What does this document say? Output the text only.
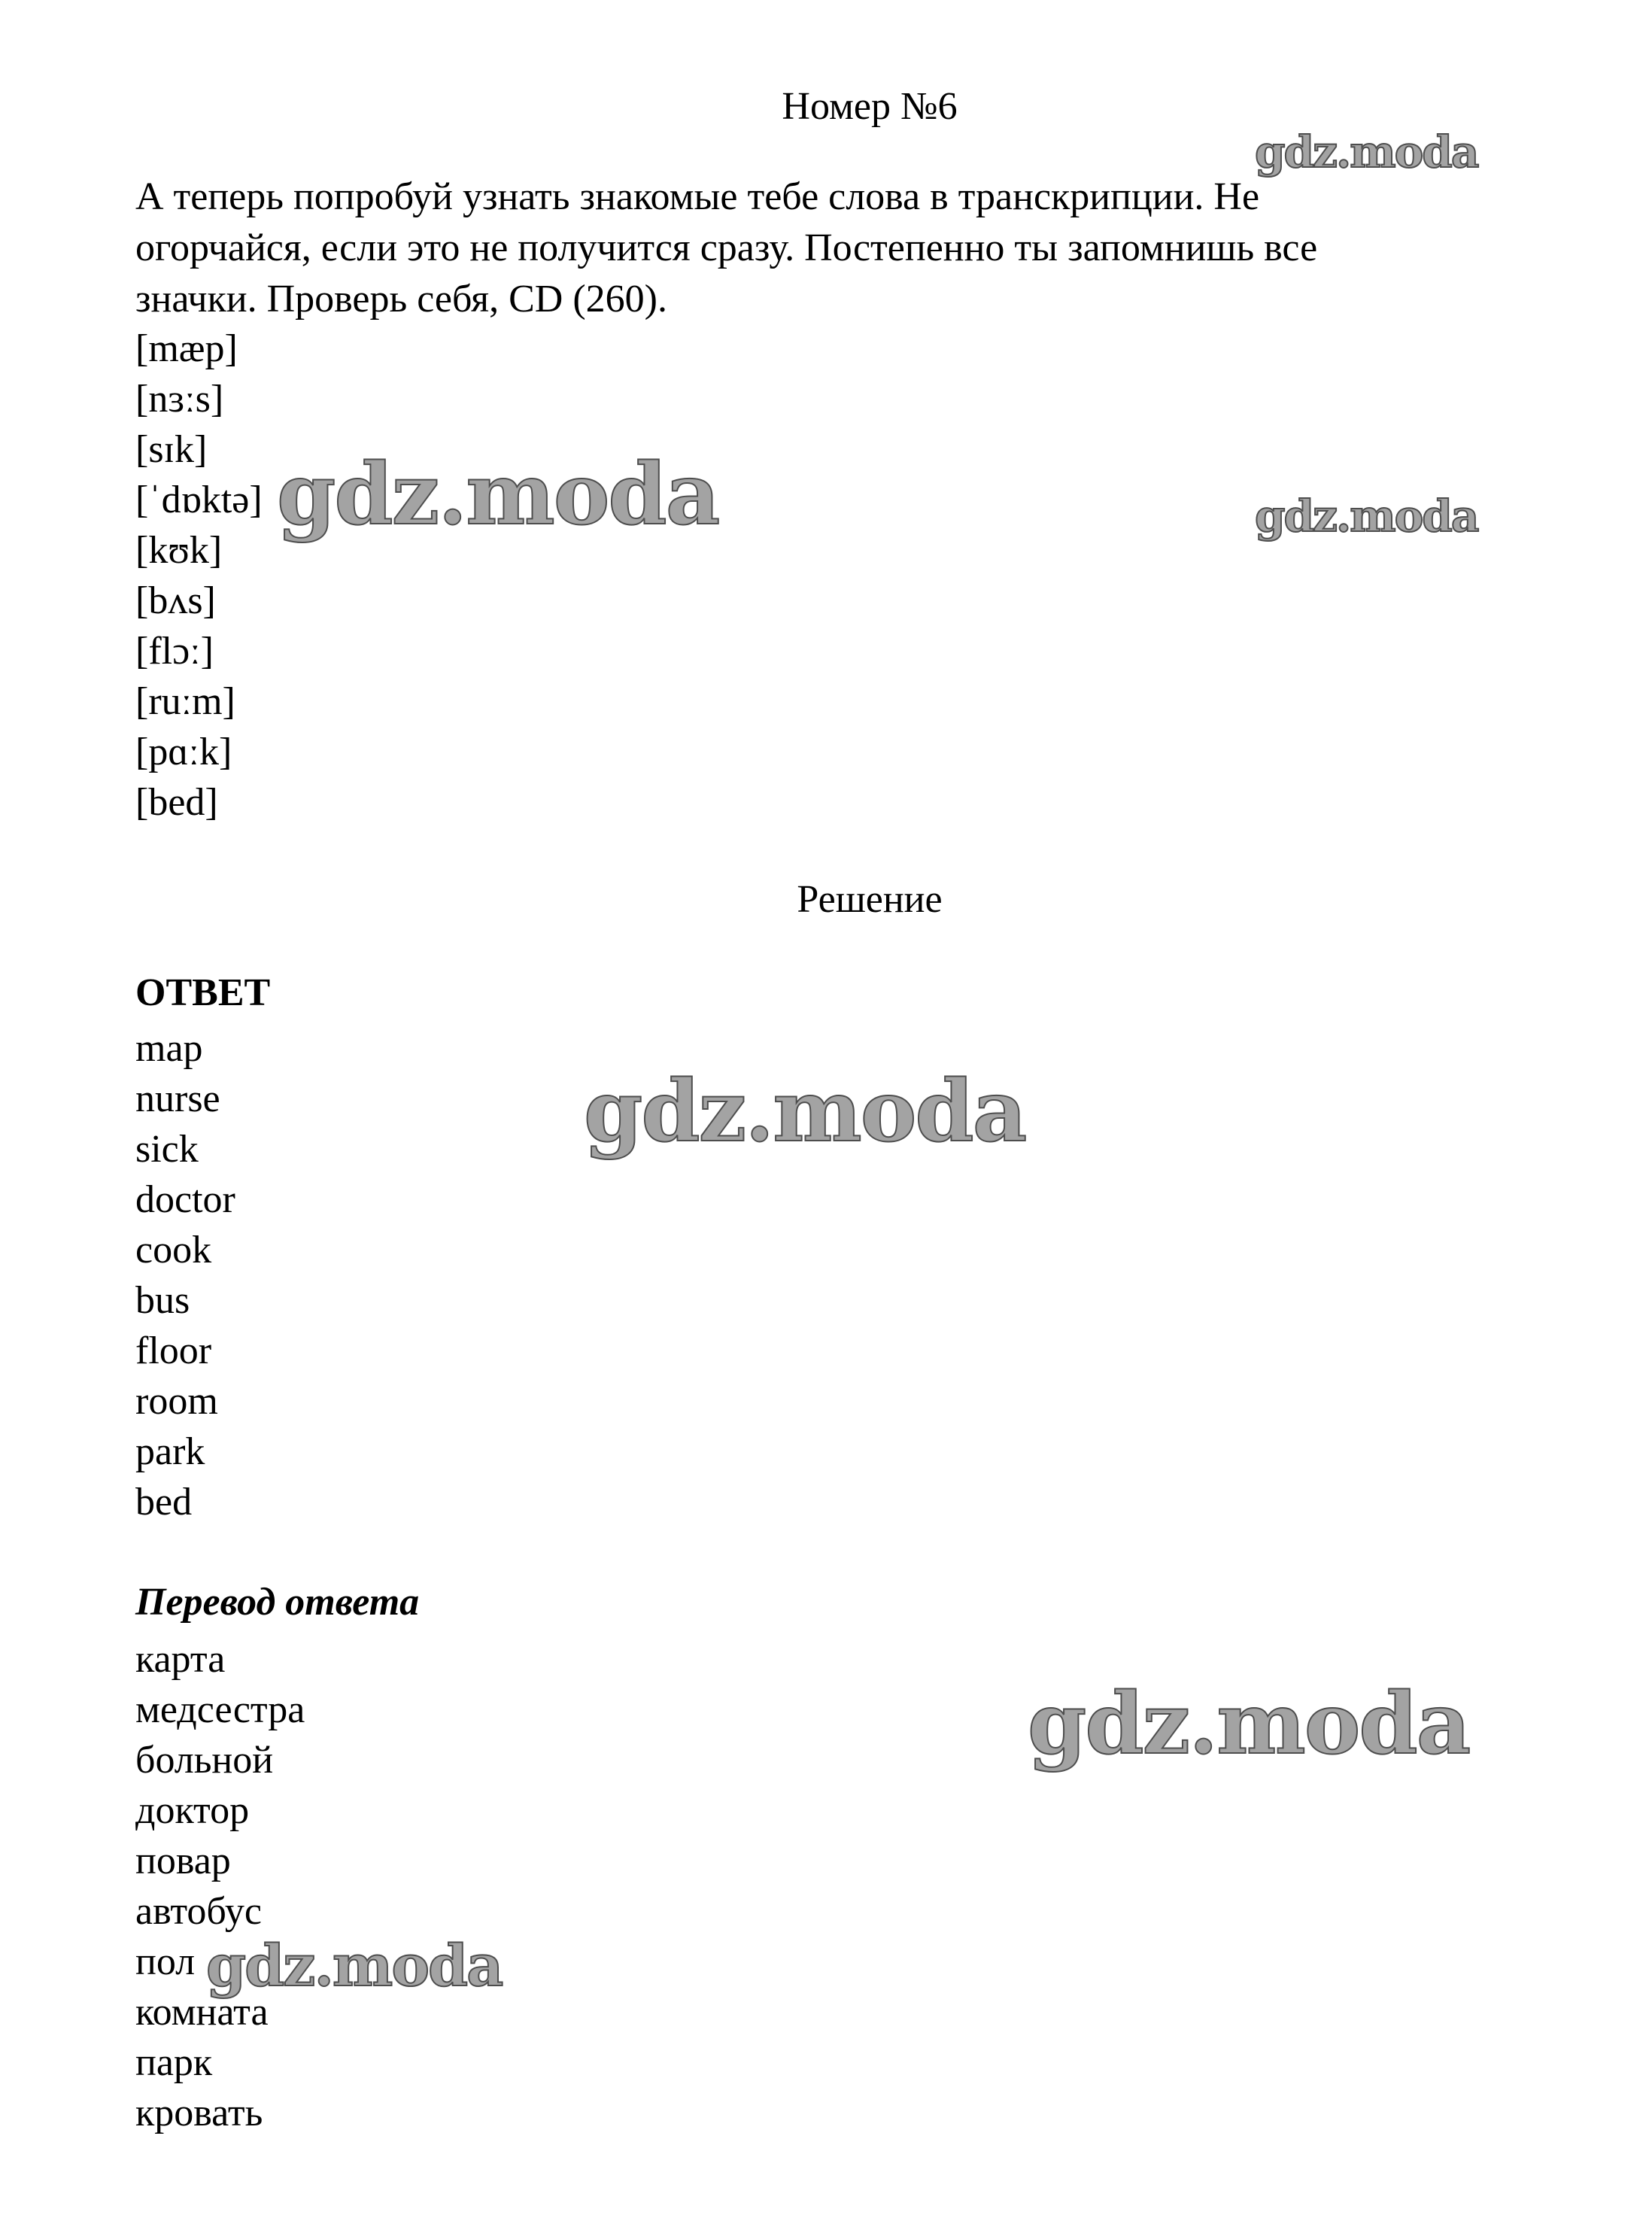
Номер №6

А теперь попробуй узнать знакомые тебе слова в транскрипции. Не

огорчайся, если это не получится сразу. Постепенно ты запомнишь все

значки. Проверь себя, CD (260).

[mæp]
[nɜːs]
[sɪk]
[ˈdɒktə]
[kʊk]
[bʌs]
[flɔː]
[ruːm]
[pɑːk]
[bed]
Решение
ОТВЕТ
map
nurse
sick
doctor
cook
bus
floor
room
park
bed
Перевод ответа
карта
медсестра
больной
доктор
повар
автобус
пол
комната
парк
кровать
gdz.moda
gdz.moda	gdz.moda
gdz.moda
gdz.moda
gdz.moda
